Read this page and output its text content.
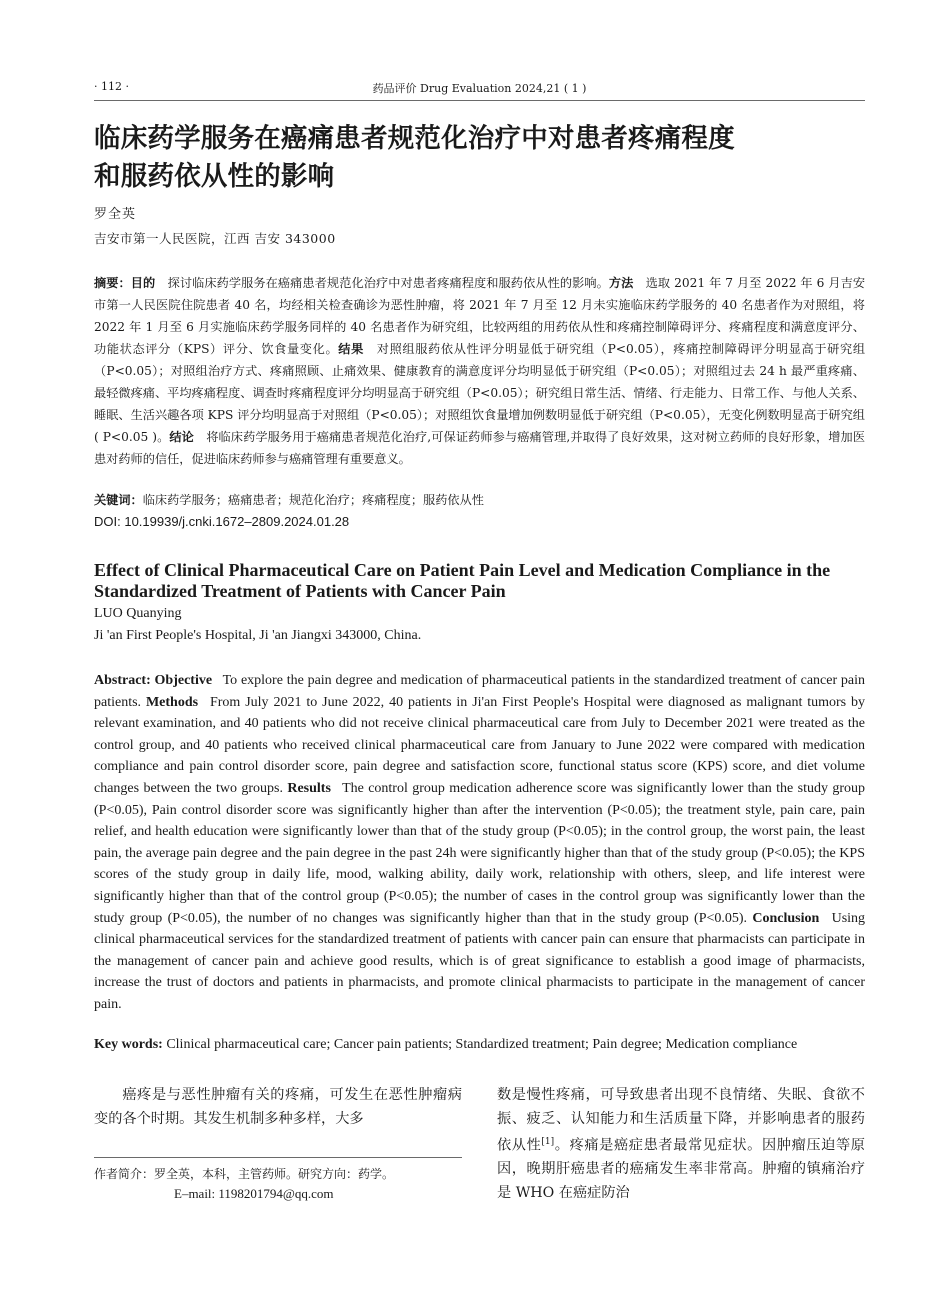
· 112 ·	药品评价 Drug Evaluation 2024,21 ( 1 )
临床药学服务在癌痛患者规范化治疗中对患者疼痛程度
和服药依从性的影响
罗全英
吉安市第一人民医院，江西 吉安 343000
摘要：目的  探讨临床药学服务在癌痛患者规范化治疗中对患者疼痛程度和服药依从性的影响。方法  选取 2021 年 7 月至 2022 年 6 月吉安市第一人民医院住院患者 40 名，均经相关检查确诊为恶性肿瘤，将 2021 年 7 月至 12 月未实施临床药学服务的 40 名患者作为对照组，将 2022 年 1 月至 6 月实施临床药学服务同样的 40 名患者作为研究组，比较两组的用药依从性和疼痛控制障碍评分、疼痛程度和满意度评分、功能状态评分（KPS）评分、饮食量变化。结果  对照组服药依从性评分明显低于研究组（P<0.05），疼痛控制障碍评分明显高于研究组（P<0.05）；对照组治疗方式、疼痛照顾、止痛效果、健康教育的满意度评分均明显低于研究组（P<0.05）；对照组过去 24 h 最严重疼痛、最轻微疼痛、平均疼痛程度、调查时疼痛程度评分均明显高于研究组（P<0.05）；研究组日常生活、情绪、行走能力、日常工作、与他人关系、睡眠、生活兴趣各项 KPS 评分均明显高于对照组（P<0.05）；对照组饮食量增加例数明显低于研究组（P<0.05），无变化例数明显高于研究组( P<0.05 )。结论  将临床药学服务用于癌痛患者规范化治疗,可保证药师参与癌痛管理,并取得了良好效果，这对树立药师的良好形象，增加医患对药师的信任，促进临床药师参与癌痛管理有重要意义。
关键词：临床药学服务；癌痛患者；规范化治疗；疼痛程度；服药依从性
DOI: 10.19939/j.cnki.1672–2809.2024.01.28
Effect of Clinical Pharmaceutical Care on Patient Pain Level and Medication Compliance in the Standardized Treatment of Patients with Cancer Pain
LUO Quanying
Ji 'an First People's Hospital, Ji 'an Jiangxi 343000, China.
Abstract: Objective  To explore the pain degree and medication of pharmaceutical patients in the standardized treatment of cancer pain patients. Methods  From July 2021 to June 2022, 40 patients in Ji'an First People's Hospital were diagnosed as malignant tumors by relevant examination, and 40 patients who did not receive clinical pharmaceutical care from July to December 2021 were treated as the control group, and 40 patients who received clinical pharmaceutical care from January to June 2022 were compared with medication compliance and pain control disorder score, pain degree and satisfaction score, functional status score (KPS) score, and diet volume changes between the two groups. Results  The control group medication adherence score was significantly lower than the study group (P<0.05), Pain control disorder score was significantly higher than after the intervention (P<0.05); the treatment style, pain care, pain relief, and health education were significantly lower than that of the study group (P<0.05); in the control group, the worst pain, the least pain, the average pain degree and the pain degree in the past 24h were significantly higher than that of the study group (P<0.05); the KPS scores of the study group in daily life, mood, walking ability, daily work, relationship with others, sleep, and life interest were significantly higher than that of the control group (P<0.05); the number of cases in the control group was significantly lower than the study group (P<0.05), the number of no changes was significantly higher than that in the study group (P<0.05). Conclusion  Using clinical pharmaceutical services for the standardized treatment of patients with cancer pain can ensure that pharmacists can participate in the management of cancer pain and achieve good results, which is of great significance to establish a good image of pharmacists, increase the trust of doctors and patients in pharmacists, and promote clinical pharmacists to participate in the management of cancer pain.
Key words: Clinical pharmaceutical care; Cancer pain patients; Standardized treatment; Pain degree; Medication compliance
癌疼是与恶性肿瘤有关的疼痛，可发生在恶性肿瘤病变的各个时期。其发生机制多种多样，大多
作者简介：罗全英，本科，主管药师。研究方向：药学。
E–mail: 1198201794@qq.com
数是慢性疼痛，可导致患者出现不良情绪、失眠、食欲不振、疲乏、认知能力和生活质量下降，并影响患者的服药依从性[1]。疼痛是癌症患者最常见症状。因肿瘤压迫等原因，晚期肝癌患者的癌痛发生率非常高。肿瘤的镇痛治疗是 WHO 在癌症防治
